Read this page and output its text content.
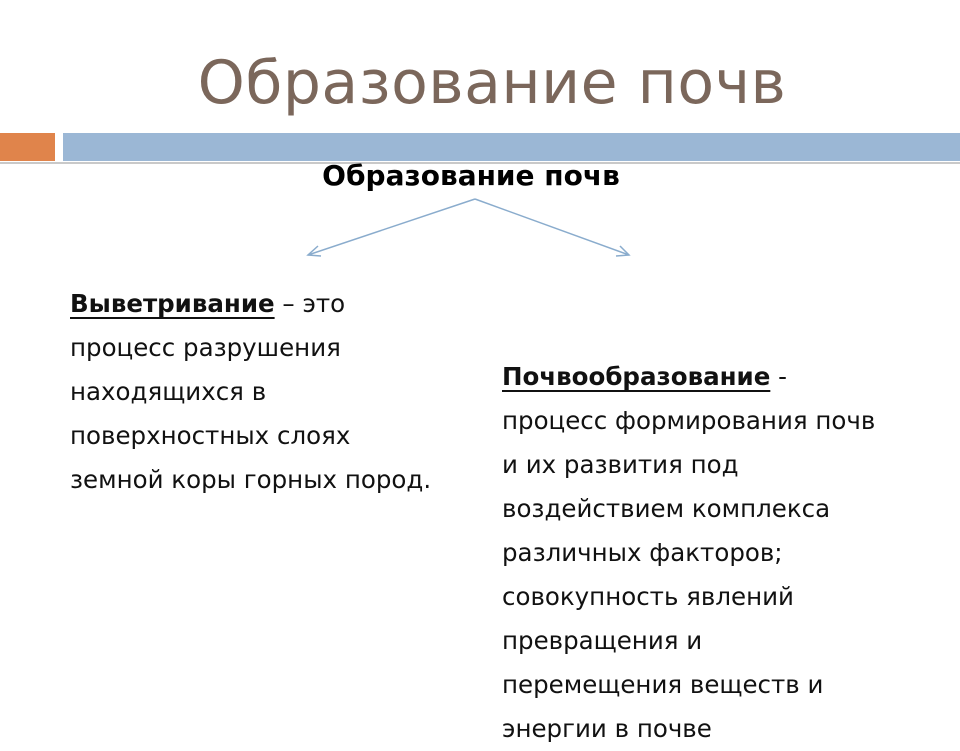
Образование почв
Образование почв
Выветривание – это
процесс разрушения
находящихся в
поверхностных слоях
земной коры горных пород.
Почвообразование -
процесс формирования почв
и их развития под
воздействием комплекса
различных факторов;
совокупность явлений
превращения и
перемещения веществ и
энергии в почве
